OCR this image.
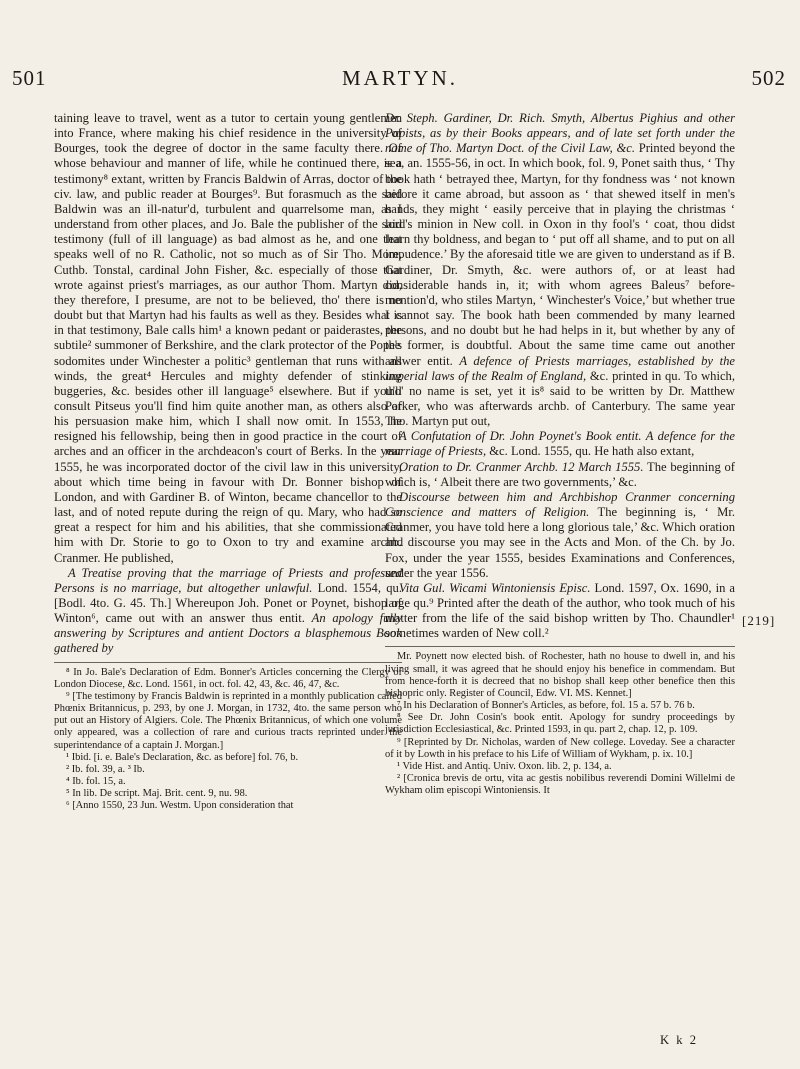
501	MARTYN.	502

taining leave to travel, went as a tutor to certain young gentlemen into France, where making his chief residence in the university of Bourges, took the degree of doctor in the same faculty there. Of whose behaviour and manner of life, while he continued there, is a testimony⁸ extant, written by Francis Baldwin of Arras, doctor of the civ. law, and public reader at Bourges⁹. But forasmuch as the said Baldwin was an ill-natur'd, turbulent and quarrelsome man, as I understand from other places, and Jo. Bale the publisher of the said testimony (full of ill language) as bad almost as he, and one that speaks well of no R. Catholic, not so much as of Sir Tho. More, Cuthb. Tonstal, cardinal John Fisher, &c. especially of those that wrote against priest's marriages, as our author Thom. Martyn did, they therefore, I presume, are not to be believed, tho' there is no doubt but that Martyn had his faults as well as they. Besides what is in that testimony, Bale calls him¹ a known pedant or paiderastes, the subtile² summoner of Berkshire, and the clark protector of the Pope's sodomites under Winchester a politic³ gentleman that runs with all winds, the great⁴ Hercules and mighty defender of stinking buggeries, &c. besides other ill language⁵ elsewhere. But if you'll consult Pitseus you'll find him quite another man, as others also of his persuasion make him, which I shall now omit. In 1553, he resigned his fellowship, being then in good practice in the court of arches and an officer in the archdeacon's court of Berks. In the year 1555, he was incorporated doctor of the civil law in this university, about which time being in favour with Dr. Bonner bishop of London, and with Gardiner B. of Winton, became chancellor to the last, and of noted repute during the reign of qu. Mary, who had so great a respect for him and his abilities, that she commissionated him with Dr. Storie to go to Oxon to try and examine archb. Cranmer. He published,

A Treatise proving that the marriage of Priests and professed Persons is no marriage, but altogether unlawful. Lond. 1554, qu. [Bodl. 4to. G. 45. Th.] Whereupon Joh. Ponet or Poynet, bishop of Winton⁶, came out with an answer thus entit. An apology fully answering by Scriptures and antient Doctors a blasphemous Book gathered by

⁸ In Jo. Bale's Declaration of Edm. Bonner's Articles concerning the Clergy of London Diocese, &c. Lond. 1561, in oct. fol. 42, 43, &c. 46, 47, &c.

⁹ [The testimony by Francis Baldwin is reprinted in a monthly publication called Phœnix Britannicus, p. 293, by one J. Morgan, in 1732, 4to. the same person who put out an History of Algiers. Cole. The Phœnix Britannicus, of which one volume only appeared, was a collection of rare and curious tracts reprinted under the superintendance of a captain J. Morgan.]

¹ Ibid. [i. e. Bale's Declaration, &c. as before] fol. 76, b.

² Ib. fol. 39, a. ³ Ib.

⁴ Ib. fol. 15, a.

⁵ In lib. De script. Maj. Brit. cent. 9, nu. 98.

⁶ [Anno 1550, 23 Jun. Westm. Upon consideration that

Dr. Steph. Gardiner, Dr. Rich. Smyth, Albertus Pighius and other Papists, as by their Books appears, and of late set forth under the name of Tho. Martyn Doct. of the Civil Law, &c. Printed beyond the sea, an. 1555-56, in oct. In which book, fol. 9, Ponet saith thus, ‘ Thy book hath ‘ betrayed thee, Martyn, for thy fondness was ‘ not known before it came abroad, but assoon as ‘ that shewed itself in men's hands, they might ‘ easily perceive that in playing the christmas ‘ lord's minion in New coll. in Oxon in thy fool's ‘ coat, thou didst learn thy boldness, and began to ‘ put off all shame, and to put on all impudence.’ By the aforesaid title we are given to understand as if B. Gardiner, Dr. Smyth, &c. were authors of, or at least had considerable hands in, it; with whom agrees Baleus⁷ before-mention'd, who stiles Martyn, ‘ Winchester's Voice,’ but whether true I cannot say. The book hath been commended by many learned persons, and no doubt but he had helps in it, but whether by any of the former, is doubtful. About the same time came out another answer entit. A defence of Priests marriages, established by the imperial laws of the Realm of England, &c. printed in qu. To which, tho' no name is set, yet it is⁸ said to be written by Dr. Matthew Parker, who was afterwards archb. of Canterbury. The same year Tho. Martyn put out,

A Confutation of Dr. John Poynet's Book entit. A defence for the marriage of Priests, &c. Lond. 1555, qu. He hath also extant,

Oration to Dr. Cranmer Archb. 12 March 1555. The beginning of which is, ‘ Albeit there are two governments,’ &c.

Discourse between him and Archbishop Cranmer concerning Conscience and matters of Religion. The beginning is, ‘ Mr. Cranmer, you have told here a long glorious tale,’ &c. Which oration and discourse you may see in the Acts and Mon. of the Ch. by Jo. Fox, under the year 1555, besides Examinations and Conferences, under the year 1556.

Vita Gul. Wicami Wintoniensis Episc. Lond. 1597, Ox. 1690, in a large qu.⁹ Printed after the death of the author, who took much of his matter from the life of the said bishop written by Tho. Chaundler¹ sometimes warden of New coll.²

Mr. Poynett now elected bish. of Rochester, hath no house to dwell in, and his living small, it was agreed that he should enjoy his benefice in commendam. But from hence-forth it is decreed that no bishop shall keep other benefice then this bishopric only. Register of Council, Edw. VI. MS. Kennet.]

⁷ In his Declaration of Bonner's Articles, as before, fol. 15 a. 57 b. 76 b.

⁸ See Dr. John Cosin's book entit. Apology for sundry proceedings by jurisdiction Ecclesiastical, &c. Printed 1593, in qu. part 2, chap. 12, p. 109.

⁹ [Reprinted by Dr. Nicholas, warden of New college. Loveday. See a character of it by Lowth in his preface to his Life of William of Wykham, p. ix. 10.]

¹ Vide Hist. and Antiq. Univ. Oxon. lib. 2, p. 134, a.

² [Cronica brevis de ortu, vita ac gestis nobilibus reverendi Domini Willelmi de Wykham olim episcopi Wintoniensis. It

[219]
K k 2
